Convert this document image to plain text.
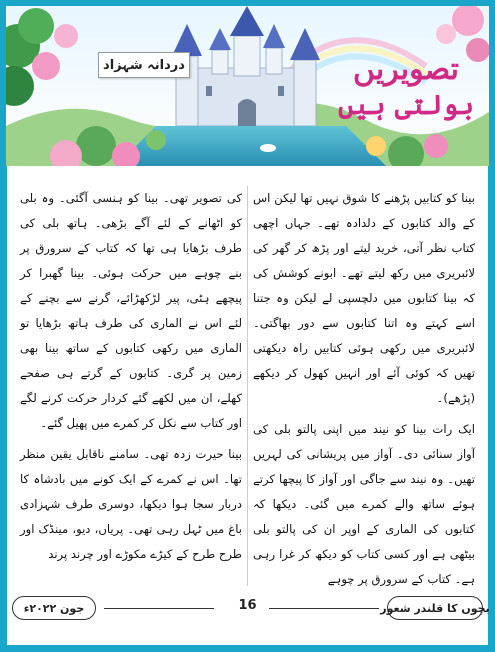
دردانہ شہزاد	تصویریں
بولتی ہیں

بینا کو کتابیں پڑھنے کا شوق نہیں تھا لیکن اس کے والد کتابوں کے دلدادہ تھے۔ جہاں اچھی کتاب نظر آتی، خرید لیتے اور پڑھ کر گھر کی لائبریری میں رکھ لیتے تھے۔ ابونے کوشش کی کہ بینا کتابوں میں دلچسپی لے لیکن وہ جتنا اسے کہتے وہ اتنا کتابوں سے دور بھاگتی۔ لائبریری میں رکھی ہوئی کتابیں راہ دیکھتی تھیں کہ کوئی آئے اور انہیں کھول کر دیکھے (پڑھے)۔

ایک رات بینا کو نیند میں اپنی پالتو بلی کی آواز سنائی دی۔ آواز میں پریشانی کی لہریں تھیں۔ وہ نیند سے جاگی اور آواز کا پیچھا کرتے ہوئے ساتھ والے کمرے میں گئی۔ دیکھا کہ کتابوں کی الماری کے اوپر ان کی پالتو بلی بیٹھی ہے اور کسی کتاب کو دیکھ کر غرا رہی ہے۔ کتاب کے سرورق پر چوہے

کی تصویر تھی۔ بینا کو ہنسی آگئی۔ وہ بلی کو اٹھانے کے لئے آگے بڑھی۔ ہاتھ بلی کی طرف بڑھایا ہی تھا کہ کتاب کے سرورق پر بنے چوہے میں حرکت ہوئی۔ بینا گھبرا کر پیچھے ہٹی، پیر لڑکھڑائے، گرنے سے بچنے کے لئے اس نے الماری کی طرف ہاتھ بڑھایا تو الماری میں رکھی کتابوں کے ساتھ بینا بھی زمین پر گری۔ کتابوں کے گرتے ہی صفحے کھلے، ان میں لکھے گئے کردار حرکت کرنے لگے اور کتاب سے نکل کر کمرے میں پھیل گئے۔

بینا حیرت زدہ تھی۔ سامنے ناقابل یقین منظر تھا۔ اس نے کمرے کے ایک کونے میں بادشاہ کا دربار سجا ہوا دیکھا، دوسری طرف شہزادی باغ میں ٹہل رہی تھی۔ پریاں، دیو، مینڈک اور طرح طرح کے کیڑے مکوڑے اور چرند پرند

بچوں کا قلندر شعور
16
جون ۲۰۲۲ء
